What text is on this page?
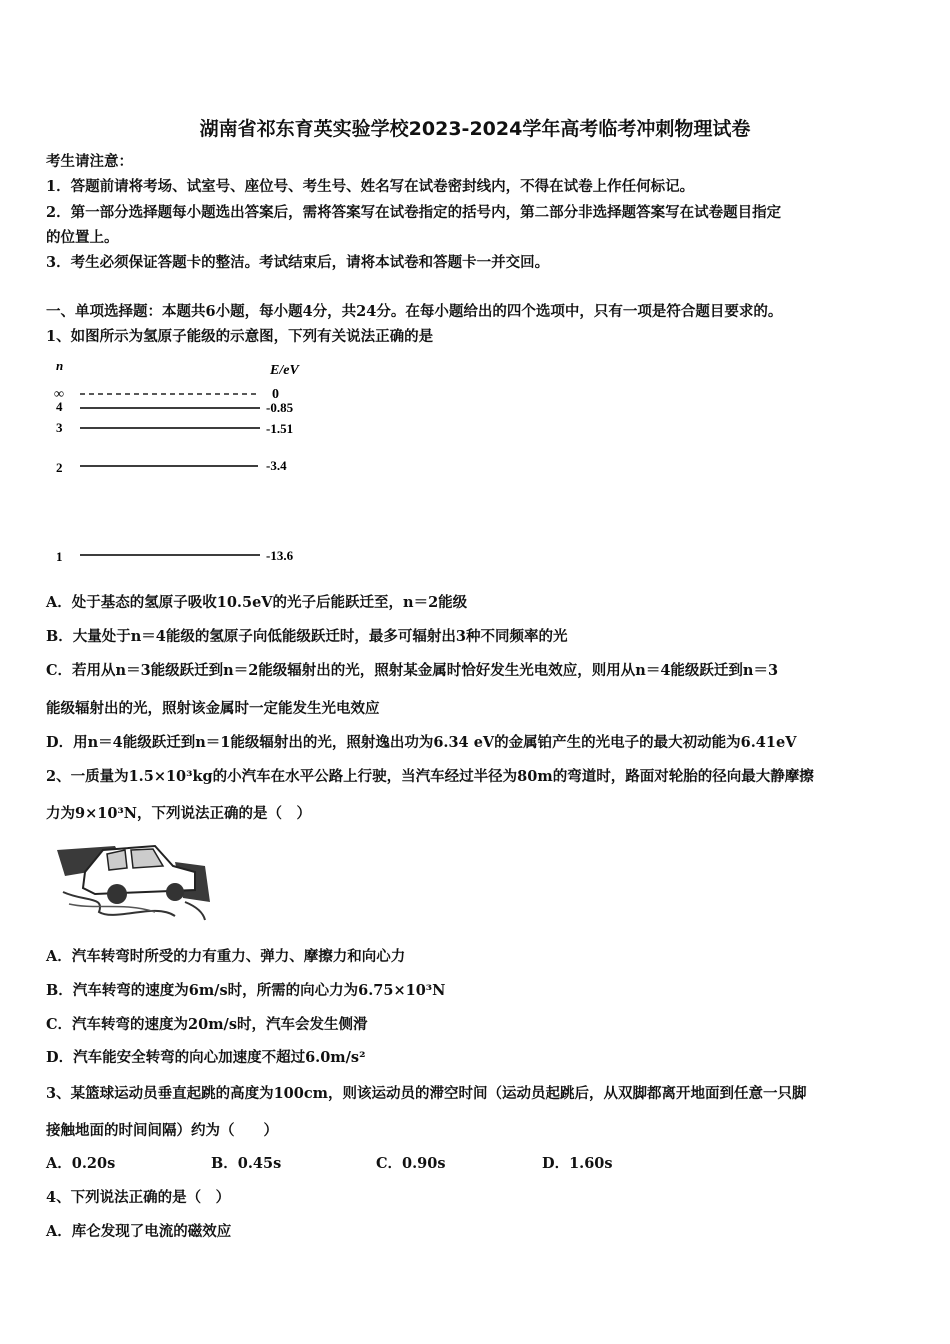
湖南省祁东育英实验学校2023-2024学年高考临考冲刺物理试卷
考生请注意：
1．答题前请将考场、试室号、座位号、考生号、姓名写在试卷密封线内，不得在试卷上作任何标记。
2．第一部分选择题每小题选出答案后，需将答案写在试卷指定的括号内，第二部分非选择题答案写在试卷题目指定
的位置上。
3．考生必须保证答题卡的整洁。考试结束后，请将本试卷和答题卡一并交回。
一、单项选择题：本题共6小题，每小题4分，共24分。在每小题给出的四个选项中，只有一项是符合题目要求的。
1、如图所示为氢原子能级的示意图，下列有关说法正确的是
n	E/eV
∞	0
4	-0.85
3	-1.51
2	-3.4
1	-13.6
A．处于基态的氢原子吸收10.5eV的光子后能跃迁至，n＝2能级
B．大量处于n＝4能级的氢原子向低能级跃迁时，最多可辐射出3种不同频率的光
C．若用从n＝3能级跃迁到n＝2能级辐射出的光，照射某金属时恰好发生光电效应，则用从n＝4能级跃迁到n＝3
能级辐射出的光，照射该金属时一定能发生光电效应
D．用n＝4能级跃迁到n＝1能级辐射出的光，照射逸出功为6.34 eV的金属铂产生的光电子的最大初动能为6.41eV
2、一质量为1.5×10³kg的小汽车在水平公路上行驶，当汽车经过半径为80m的弯道时，路面对轮胎的径向最大静摩擦
力为9×10³N，下列说法正确的是（　）
A．汽车转弯时所受的力有重力、弹力、摩擦力和向心力
B．汽车转弯的速度为6m/s时，所需的向心力为6.75×10³N
C．汽车转弯的速度为20m/s时，汽车会发生侧滑
D．汽车能安全转弯的向心加速度不超过6.0m/s²
3、某篮球运动员垂直起跳的高度为100cm，则该运动员的滞空时间（运动员起跳后，从双脚都离开地面到任意一只脚
接触地面的时间间隔）约为（　　）
A．0.20s	B．0.45s	C．0.90s	D．1.60s
4、下列说法正确的是（　）
A．库仑发现了电流的磁效应
